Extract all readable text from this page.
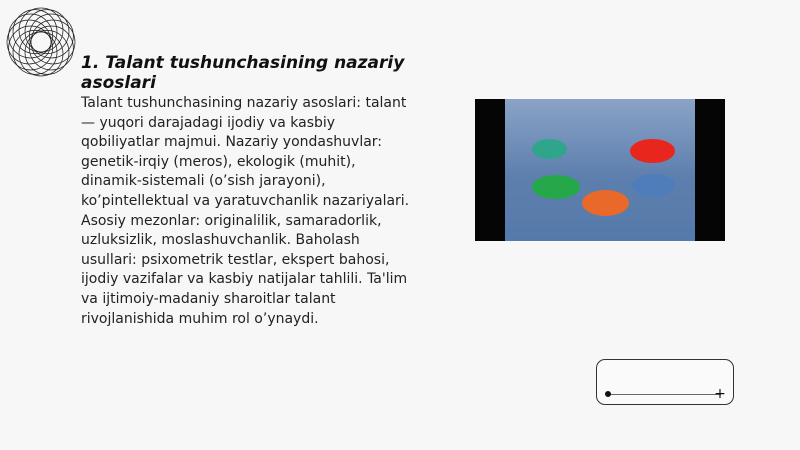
1. Talant tushunchasining nazariy asoslari
Talant tushunchasining nazariy asoslari: talant — yuqori darajadagi ijodiy va kasbiy qobiliyatlar majmui. Nazariy yondashuvlar: genetik-irqiy (meros), ekologik (muhit), dinamik-sistemali (o’sish jarayoni), ko’pintellektual va yaratuvchanlik nazariyalari. Asosiy mezonlar: originalilik, samaradorlik, uzluksizlik, moslashuvchanlik. Baholash usullari: psixometrik testlar, ekspert bahosi, ijodiy vazifalar va kasbiy natijalar tahlili. Ta'lim va ijtimoiy-madaniy sharoitlar talant rivojlanishida muhim rol o’ynaydi.

+
